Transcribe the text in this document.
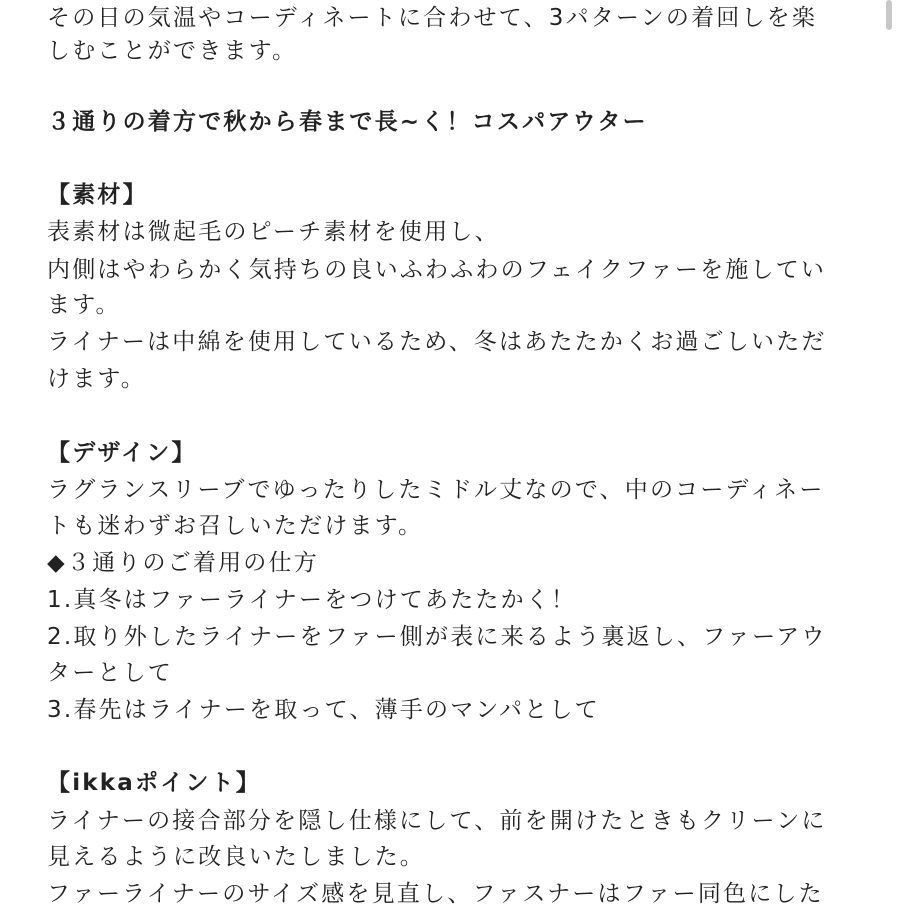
その日の気温やコーディネートに合わせて、3パターンの着回しを楽
しむことができます。
３通りの着方で秋から春まで長~く！コスパアウター
【素材】
表素材は微起毛のピーチ素材を使用し、
内側はやわらかく気持ちの良いふわふわのフェイクファーを施してい
ます。
ライナーは中綿を使用しているため、冬はあたたかくお過ごしいただ
けます。
【デザイン】
ラグランスリーブでゆったりしたミドル丈なので、中のコーディネー
トも迷わずお召しいただけます。
◆３通りのご着用の仕方
1.真冬はファーライナーをつけてあたたかく！
2.取り外したライナーをファー側が表に来るよう裏返し、ファーアウ
ターとして
3.春先はライナーを取って、薄手のマンパとして
【ikkaポイント】
ライナーの接合部分を隠し仕様にして、前を開けたときもクリーンに
見えるように改良いたしました。
ファーライナーのサイズ感を見直し、ファスナーはファー同色にした
